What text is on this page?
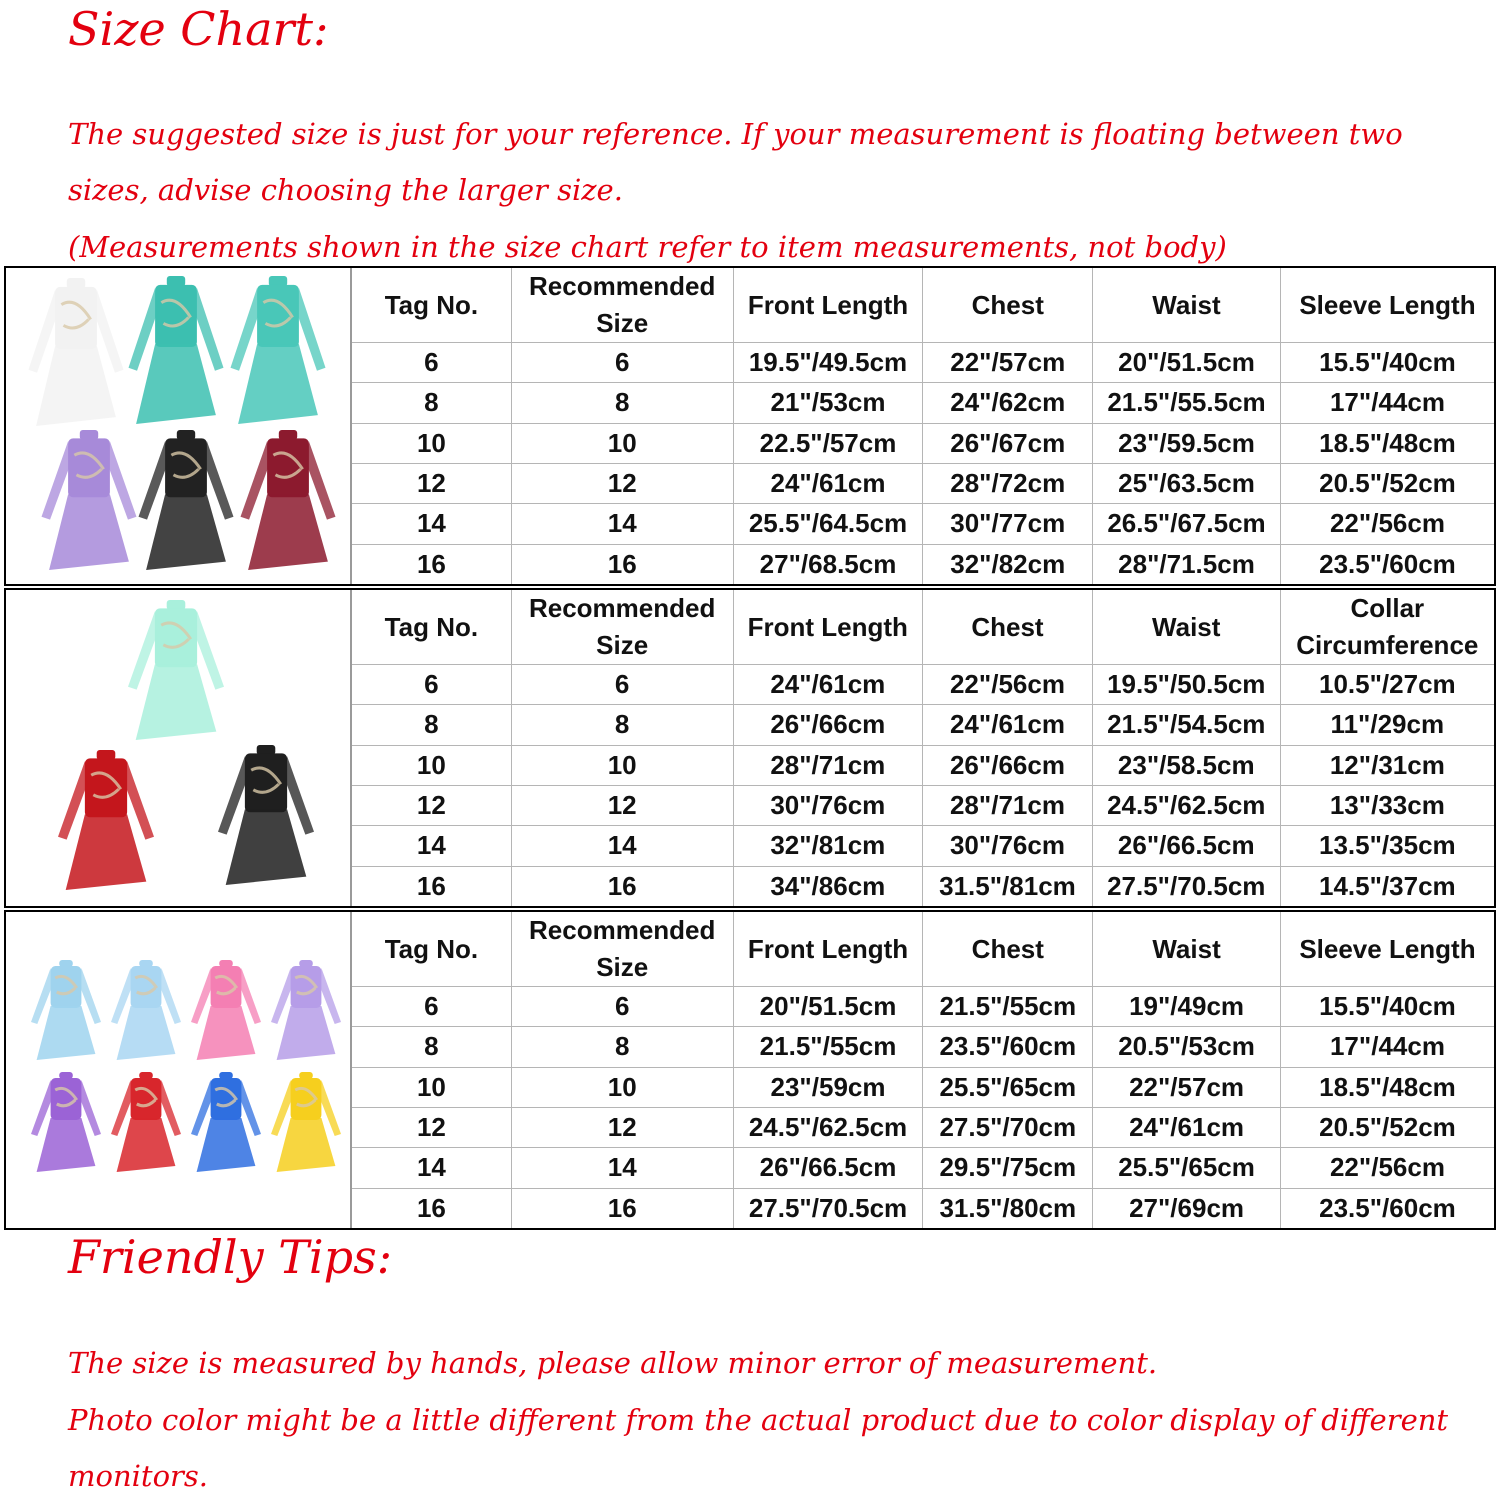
Size Chart:

The suggested size is just for your reference. If your measurement is floating between two sizes, advise choosing the larger size.

(Measurements shown in the size chart refer to item measurements, not body)

Tag No.	Recommended Size	Front Length	Chest	Waist	Sleeve Length
6	6	19.5"/49.5cm	22"/57cm	20"/51.5cm	15.5"/40cm
8	8	21"/53cm	24"/62cm	21.5"/55.5cm	17"/44cm
10	10	22.5"/57cm	26"/67cm	23"/59.5cm	18.5"/48cm
12	12	24"/61cm	28"/72cm	25"/63.5cm	20.5"/52cm
14	14	25.5"/64.5cm	30"/77cm	26.5"/67.5cm	22"/56cm
16	16	27"/68.5cm	32"/82cm	28"/71.5cm	23.5"/60cm
Tag No.	Recommended Size	Front Length	Chest	Waist	Collar Circumference
6	6	24"/61cm	22"/56cm	19.5"/50.5cm	10.5"/27cm
8	8	26"/66cm	24"/61cm	21.5"/54.5cm	11"/29cm
10	10	28"/71cm	26"/66cm	23"/58.5cm	12"/31cm
12	12	30"/76cm	28"/71cm	24.5"/62.5cm	13"/33cm
14	14	32"/81cm	30"/76cm	26"/66.5cm	13.5"/35cm
16	16	34"/86cm	31.5"/81cm	27.5"/70.5cm	14.5"/37cm
Tag No.	Recommended Size	Front Length	Chest	Waist	Sleeve Length
6	6	20"/51.5cm	21.5"/55cm	19"/49cm	15.5"/40cm
8	8	21.5"/55cm	23.5"/60cm	20.5"/53cm	17"/44cm
10	10	23"/59cm	25.5"/65cm	22"/57cm	18.5"/48cm
12	12	24.5"/62.5cm	27.5"/70cm	24"/61cm	20.5"/52cm
14	14	26"/66.5cm	29.5"/75cm	25.5"/65cm	22"/56cm
16	16	27.5"/70.5cm	31.5"/80cm	27"/69cm	23.5"/60cm
Friendly Tips:

The size is measured by hands, please allow minor error of measurement.

Photo color might be a little different from the actual product due to color display of different monitors.
